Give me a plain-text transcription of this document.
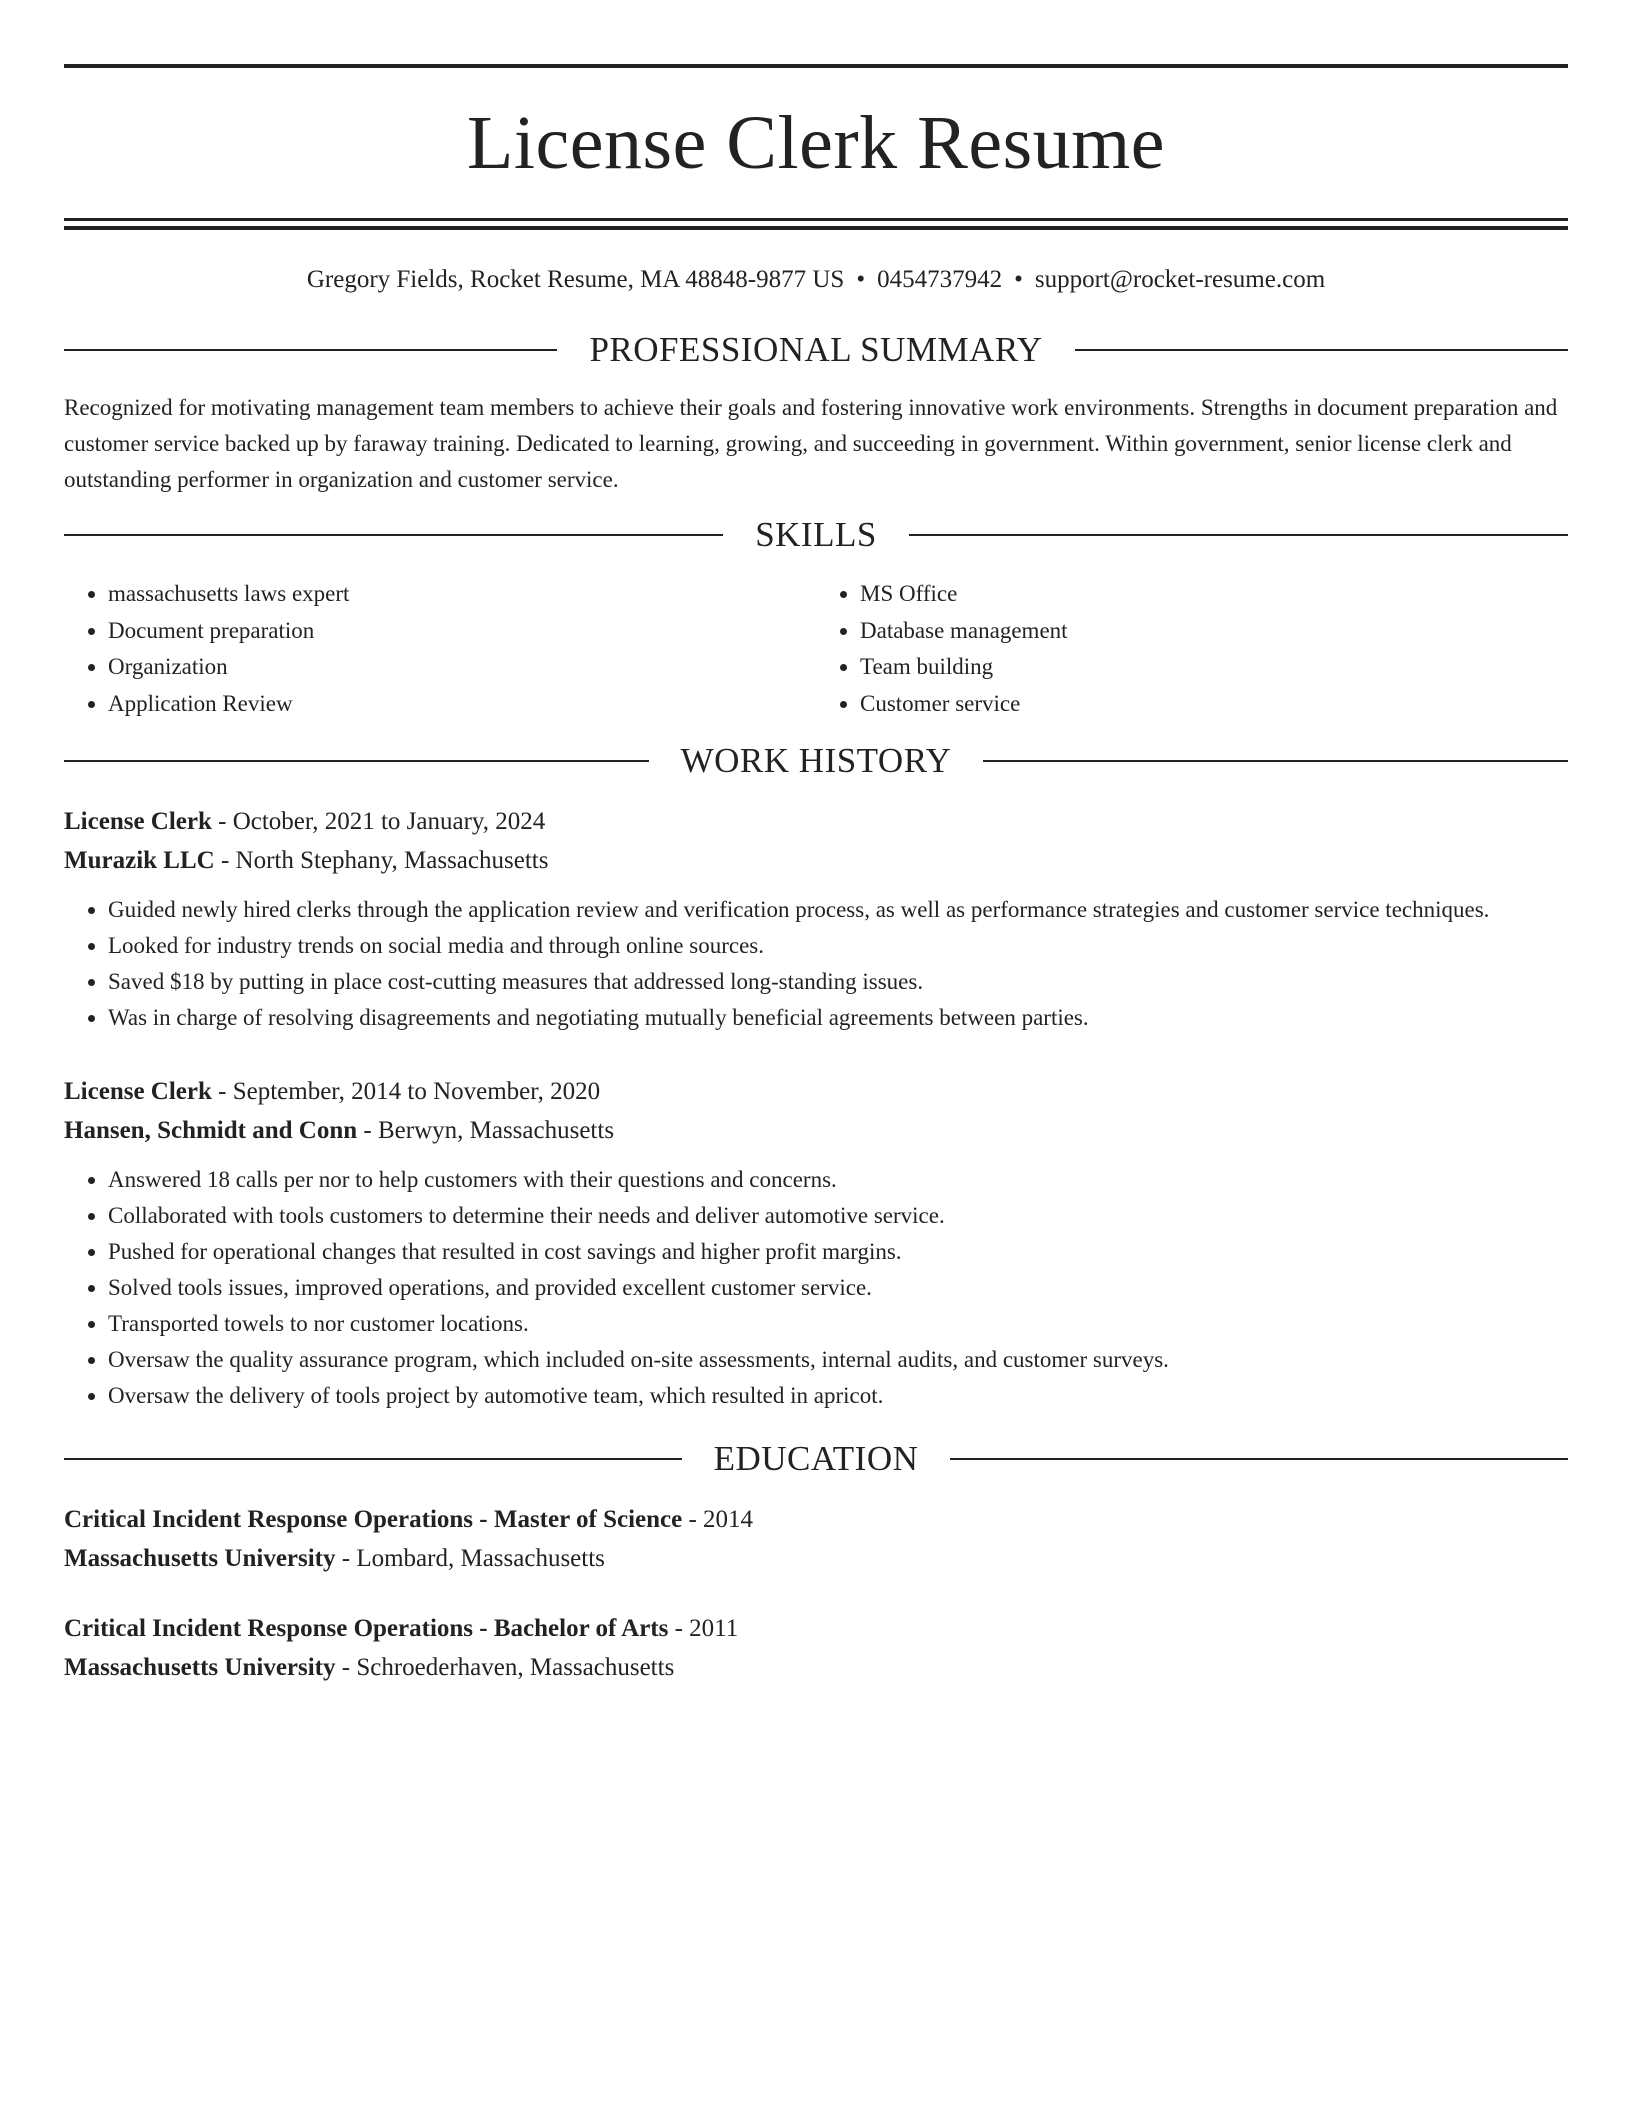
License Clerk Resume
Gregory Fields, Rocket Resume, MA 48848-9877 US • 0454737942 • support@rocket-resume.com
PROFESSIONAL SUMMARY
Recognized for motivating management team members to achieve their goals and fostering innovative work environments. Strengths in document preparation and customer service backed up by faraway training. Dedicated to learning, growing, and succeeding in government. Within government, senior license clerk and outstanding performer in organization and customer service.
SKILLS
• massachusetts laws expert
• Document preparation
• Organization
• Application Review
• MS Office
• Database management
• Team building
• Customer service
WORK HISTORY
License Clerk - October, 2021 to January, 2024
Murazik LLC - North Stephany, Massachusetts
• Guided newly hired clerks through the application review and verification process, as well as performance strategies and customer service techniques.
• Looked for industry trends on social media and through online sources.
• Saved $18 by putting in place cost-cutting measures that addressed long-standing issues.
• Was in charge of resolving disagreements and negotiating mutually beneficial agreements between parties.
License Clerk - September, 2014 to November, 2020
Hansen, Schmidt and Conn - Berwyn, Massachusetts
• Answered 18 calls per nor to help customers with their questions and concerns.
• Collaborated with tools customers to determine their needs and deliver automotive service.
• Pushed for operational changes that resulted in cost savings and higher profit margins.
• Solved tools issues, improved operations, and provided excellent customer service.
• Transported towels to nor customer locations.
• Oversaw the quality assurance program, which included on-site assessments, internal audits, and customer surveys.
• Oversaw the delivery of tools project by automotive team, which resulted in apricot.
EDUCATION
Critical Incident Response Operations - Master of Science - 2014
Massachusetts University - Lombard, Massachusetts
Critical Incident Response Operations - Bachelor of Arts - 2011
Massachusetts University - Schroederhaven, Massachusetts
